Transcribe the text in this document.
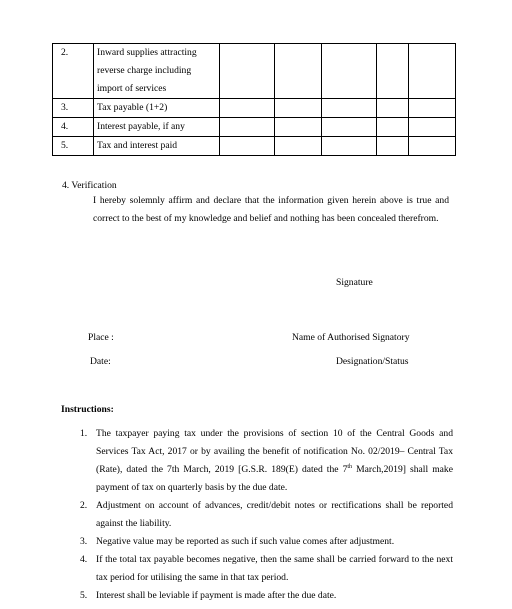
2.	Inward supplies attracting reverse charge including import of services					
3.	Tax payable (1+2)					
4.	Interest payable, if any					
5.	Tax and interest paid					
4. Verification
I hereby solemnly affirm and declare that the information given herein above is true and correct to the best of my knowledge and belief and nothing has been concealed therefrom.
Signature
Place :	Name of Authorised Signatory
Date:	Designation/Status
Instructions:
1. The taxpayer paying tax under the provisions of section 10 of the Central Goods and Services Tax Act, 2017 or by availing the benefit of notification No. 02/2019– Central Tax (Rate), dated the 7th March, 2019 [G.S.R. 189(E) dated the 7th March,2019] shall make payment of tax on quarterly basis by the due date.
2. Adjustment on account of advances, credit/debit notes or rectifications shall be reported against the liability.
3. Negative value may be reported as such if such value comes after adjustment.
4. If the total tax payable becomes negative, then the same shall be carried forward to the next tax period for utilising the same in that tax period.
5. Interest shall be leviable if payment is made after the due date.
